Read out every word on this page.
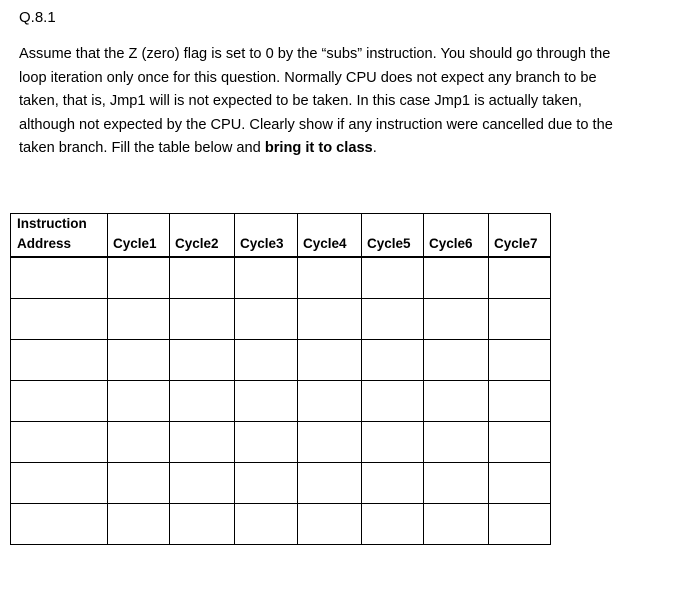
Q.8.1
Assume that the Z (zero) flag is set to 0 by the “subs” instruction. You should go through the
loop iteration only once for this question. Normally CPU does not expect any branch to be
taken, that is, Jmp1 will is not expected to be taken. In this case Jmp1 is actually taken,
although not expected by the CPU. Clearly show if any instruction were cancelled due to the
taken branch. Fill the table below and bring it to class.
Instruction
Address	Cycle1	Cycle2	Cycle3	Cycle4	Cycle5	Cycle6	Cycle7
